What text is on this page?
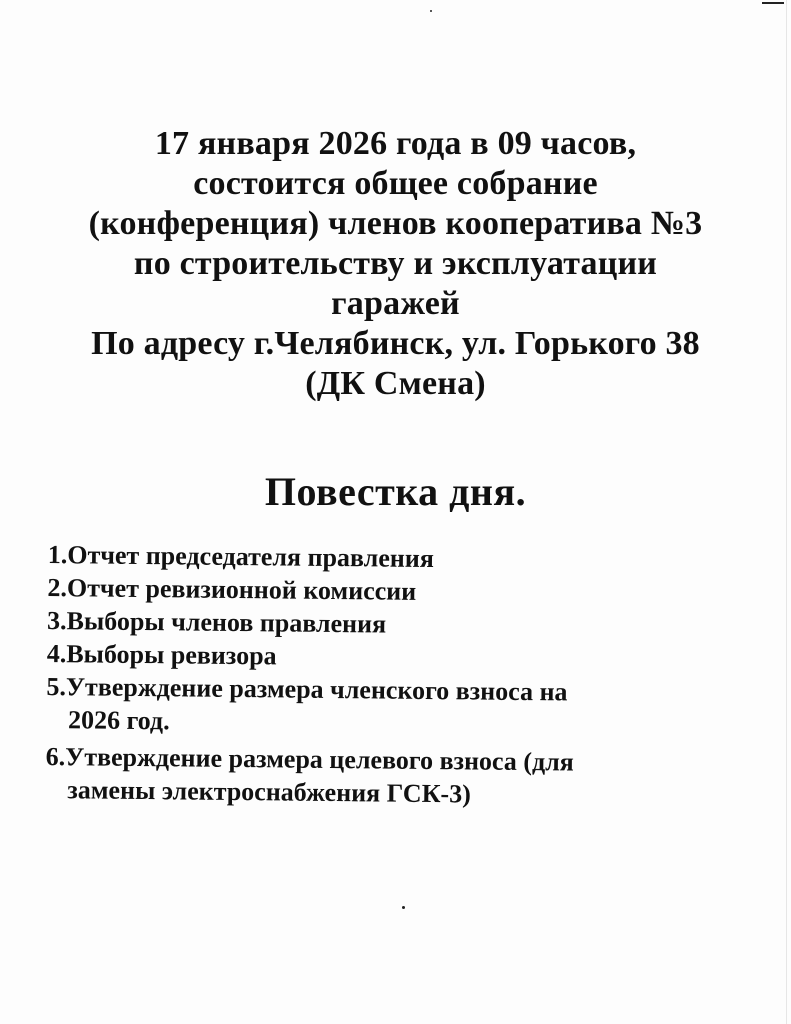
17 января 2026 года в 09 часов,
состоится общее собрание
(конференция) членов кооператива №3
по строительству и эксплуатации
гаражей
По адресу г.Челябинск, ул. Горького 38
(ДК Смена)
Повестка дня.
1.Отчет председателя правления
2.Отчет ревизионной комиссии
3.Выборы членов правления
4.Выборы ревизора
5.Утверждение размера членского взноса на
2026 год.
6.Утверждение размера целевого взноса (для
замены электроснабжения ГСК-3)
